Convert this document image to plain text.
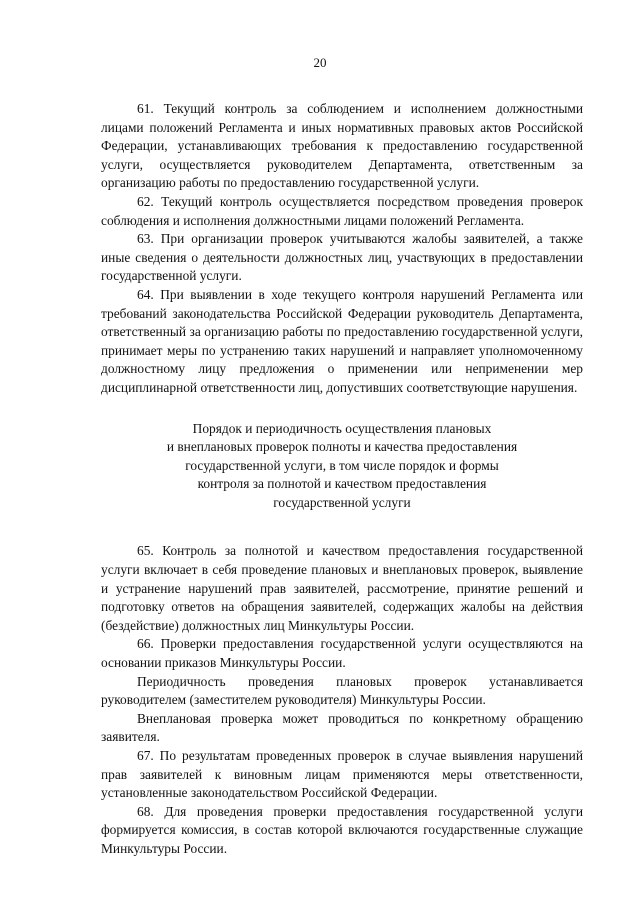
20

61. Текущий контроль за соблюдением и исполнением должностными лицами положений Регламента и иных нормативных правовых актов Российской Федерации, устанавливающих требования к предоставлению государственной услуги, осуществляется руководителем Департамента, ответственным за организацию работы по предоставлению государственной услуги.

62. Текущий контроль осуществляется посредством проведения проверок соблюдения и исполнения должностными лицами положений Регламента.

63. При организации проверок учитываются жалобы заявителей, а также иные сведения о деятельности должностных лиц, участвующих в предоставлении государственной услуги.

64. При выявлении в ходе текущего контроля нарушений Регламента или требований законодательства Российской Федерации руководитель Департамента, ответственный за организацию работы по предоставлению государственной услуги, принимает меры по устранению таких нарушений и направляет уполномоченному должностному лицу предложения о применении или неприменении мер дисциплинарной ответственности лиц, допустивших соответствующие нарушения.

Порядок и периодичность осуществления плановых
и внеплановых проверок полноты и качества предоставления
государственной услуги, в том числе порядок и формы
контроля за полнотой и качеством предоставления
государственной услуги

65. Контроль за полнотой и качеством предоставления государственной услуги включает в себя проведение плановых и внеплановых проверок, выявление и устранение нарушений прав заявителей, рассмотрение, принятие решений и подготовку ответов на обращения заявителей, содержащих жалобы на действия (бездействие) должностных лиц Минкультуры России.

66. Проверки предоставления государственной услуги осуществляются на основании приказов Минкультуры России.

Периодичность проведения плановых проверок устанавливается руководителем (заместителем руководителя) Минкультуры России.

Внеплановая проверка может проводиться по конкретному обращению заявителя.

67. По результатам проведенных проверок в случае выявления нарушений прав заявителей к виновным лицам применяются меры ответственности, установленные законодательством Российской Федерации.

68. Для проведения проверки предоставления государственной услуги формируется комиссия, в состав которой включаются государственные служащие Минкультуры России.
